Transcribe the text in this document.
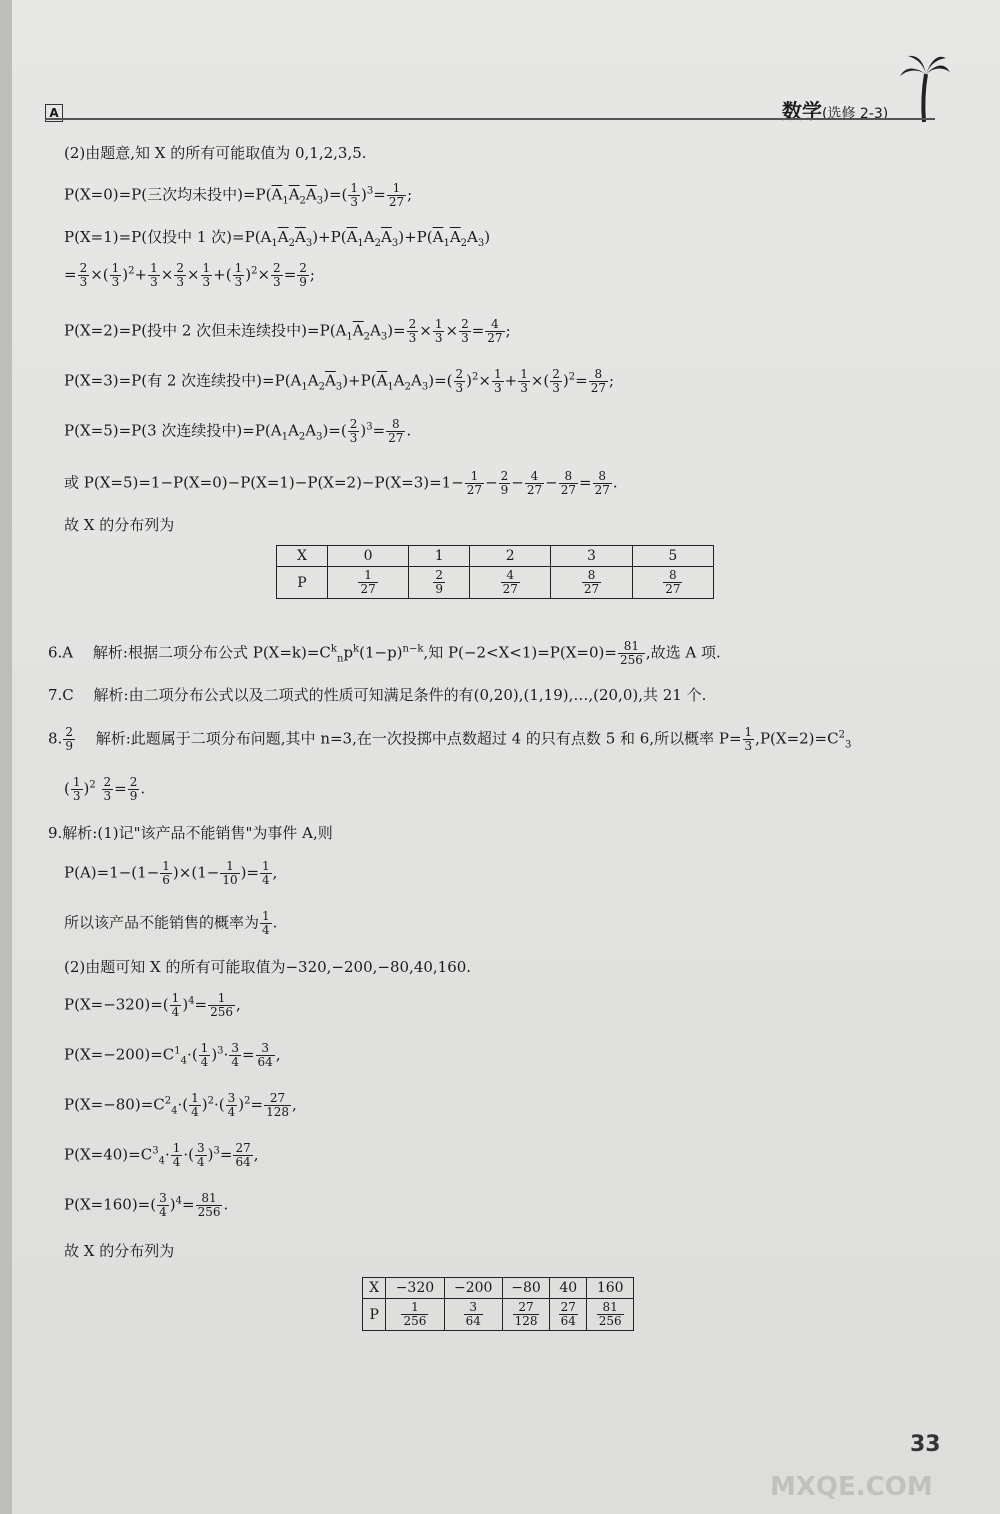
A	数学(选修 2-3)
(2)由题意,知 X 的所有可能取值为 0,1,2,3,5.
P(X=0)=P(三次均未投中)$=P(\overline{A}_1\overline{A}_2\overline{A}_3)=( \frac{1}{3} )^3= \frac{1}{27}$ ;
P(X=1)=P(仅投中 1 次)$=P(A_1\overline{A}_2\overline{A}_3)+P(\overline{A}_1A_2\overline{A}_3)+P(\overline{A}_1\overline{A}_2A_3)$
= $\frac{2}{3}$ ×( $\frac{1}{3} )^2+ \frac{1}{3} \times \frac{2}{3} \times \frac{1}{3}$ +( $\frac{1}{3} )^2\times \frac{2}{3} = \frac{2}{9}$ ;
P(X=2)=P(投中 2 次但未连续投中)$=P(A_1\overline{A}_2A_3)= \frac{2}{3} \times \frac{1}{3} \times \frac{2}{3} = \frac{4}{27}$ ;
P(X=3)=P(有 2 次连续投中)$=P(A_1A_2\overline{A}_3)+P(\overline{A}_1A_2A_3)=( \frac{2}{3} )^2\times \frac{1}{3} + \frac{1}{3}$ ×( $\frac{2}{3} )^2= \frac{8}{27}$ ;
P(X=5)=P(3 次连续投中)$=P(A_1A_2A_3)=( \frac{2}{3} )^3= \frac{8}{27}$ .
或 $P(X=5)=1-P(X=0)-P(X=1)-P(X=2)-P(X=3)=1- \frac{1}{27} - \frac{2}{9} - \frac{4}{27} - \frac{8}{27} = \frac{8}{27}$ .
故 X 的分布列为
X	0	1	2	3	5
P	$\frac{1}{27}$	$\frac{2}{9}$	$\frac{4}{27}$	$\frac{8}{27}$	$\frac{8}{27}$
6.A 　解析:根据二项分布公式 $P(X=k)=C^k_np^k(1-p)^{n-k}$,知 $P(-2<X<1)=P(X=0)= \frac{81}{256}$ ,故选 A 项.
7.C 　解析:由二项分布公式以及二项式的性质可知满足条件的有(0,20),(1,19),…,(20,0),共 21 个.
8. $\frac{2}{9}$ 　解析:此题属于二项分布问题,其中 n=3,在一次投掷中点数超过 4 的只有点数 5 和 6,所以概率 $P= \frac{1}{3} ,P(X=2)=C^2_3$
( $\frac{1}{3} )^2 \frac{2}{3} = \frac{2}{9}$ .
9.解析:(1)记"该产品不能销售"为事件 A,则
$P(A)=1-(1- \frac{1}{6} )\times(1- \frac{1}{10}$ )= $\frac{1}{4}$ ,
所以该产品不能销售的概率为 $\frac{1}{4}$ .
(2)由题可知 X 的所有可能取值为−320,−200,−80,40,160.
$P(X=-320)=( \frac{1}{4} )^4= \frac{1}{256}$ ,
$P(X=-200)=C^1_4\cdot( \frac{1}{4} )^3\cdot \frac{3}{4} = \frac{3}{64}$ ,
$P(X=-80)=C^2_4\cdot( \frac{1}{4} )^2\cdot( \frac{3}{4} )^2= \frac{27}{128}$ ,
$P(X=40)=C^3_4\cdot \frac{1}{4}$ ·( $\frac{3}{4} )^3= \frac{27}{64}$ ,
$P(X=160)=( \frac{3}{4} )^4= \frac{81}{256}$ .
故 X 的分布列为
X	−320	−200	−80	40	160
P	$\frac{1}{256}$	$\frac{3}{64}$	$\frac{27}{128}$	$\frac{27}{64}$	$\frac{81}{256}$
33
MXQE.COM
